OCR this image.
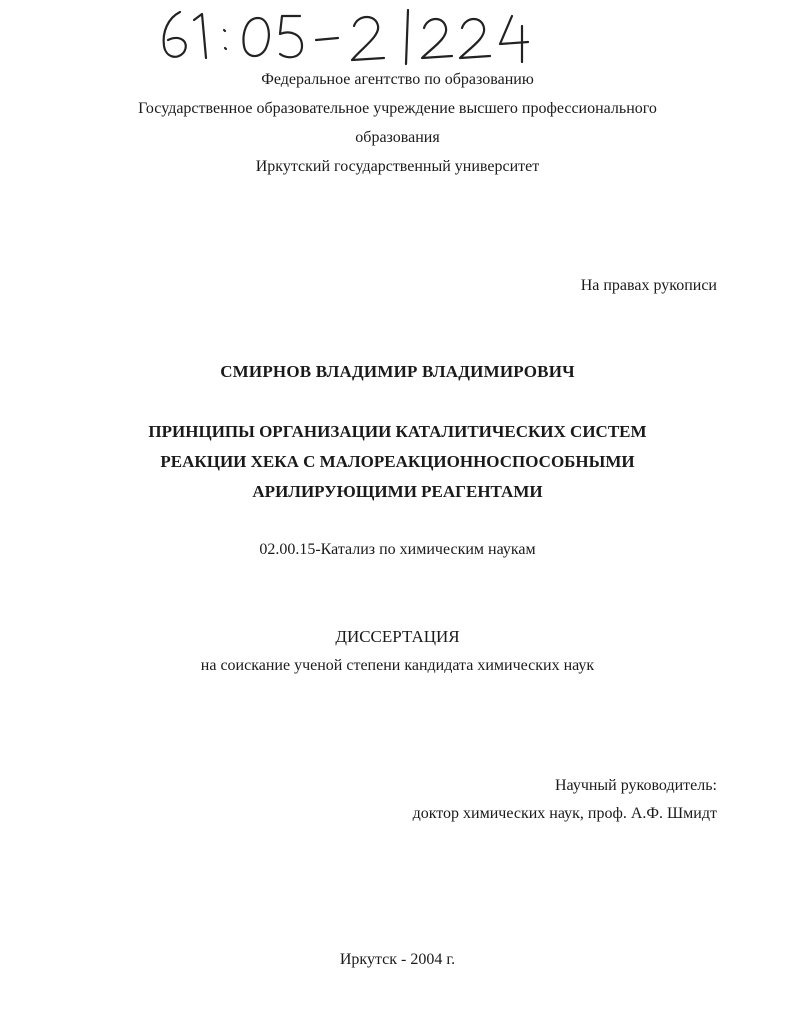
Федеральное агентство по образованию
Государственное образовательное учреждение высшего профессионального
образования
Иркутский государственный университет
На правах рукописи
СМИРНОВ ВЛАДИМИР ВЛАДИМИРОВИЧ
ПРИНЦИПЫ ОРГАНИЗАЦИИ КАТАЛИТИЧЕСКИХ СИСТЕМ
РЕАКЦИИ ХЕКА С МАЛОРЕАКЦИОННОСПОСОБНЫМИ
АРИЛИРУЮЩИМИ РЕАГЕНТАМИ
02.00.15-Катализ по химическим наукам
ДИССЕРТАЦИЯ
на соискание ученой степени кандидата химических наук
Научный руководитель:
доктор химических наук, проф. А.Ф. Шмидт
Иркутск - 2004 г.
